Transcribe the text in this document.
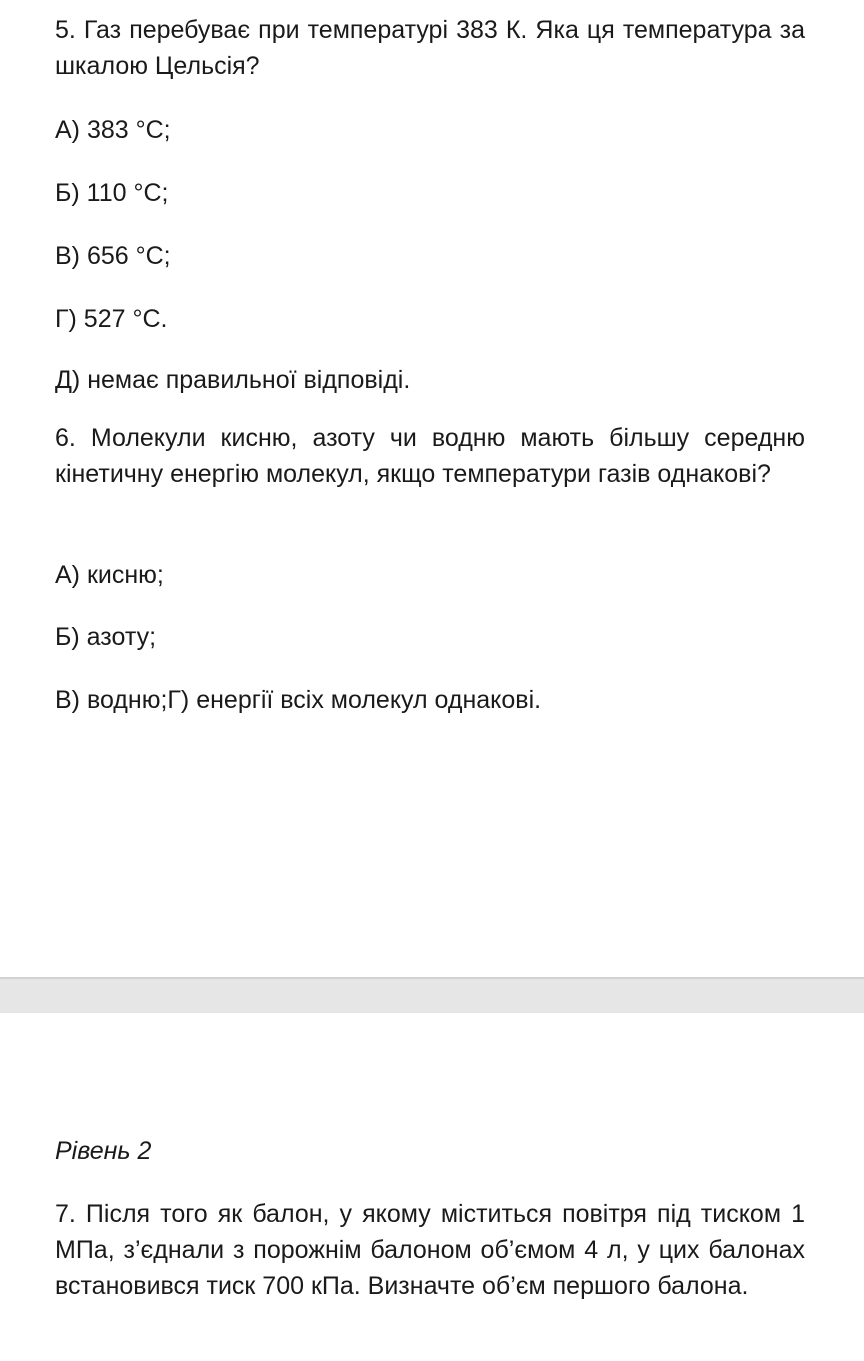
5. Газ перебуває при температурі 383 К. Яка ця температура за шкалою Цельсія?

А) 383 °С;

Б) 110 °С;

В) 656 °С;

Г) 527 °С.

Д) немає правильної відповіді.

6. Молекули кисню, азоту чи водню мають більшу середню кінетичну енергію молекул, якщо температури газів однакові?

А) кисню;

Б) азоту;

В) водню;Г) енергії всіх молекул однакові.

Рівень 2

7. Після того як балон, у якому міститься повітря під тиском 1 МПа, з’єднали з порожнім балоном об’ємом 4 л, у цих балонах встановився тиск 700 кПа. Визначте об’єм першого балона.
